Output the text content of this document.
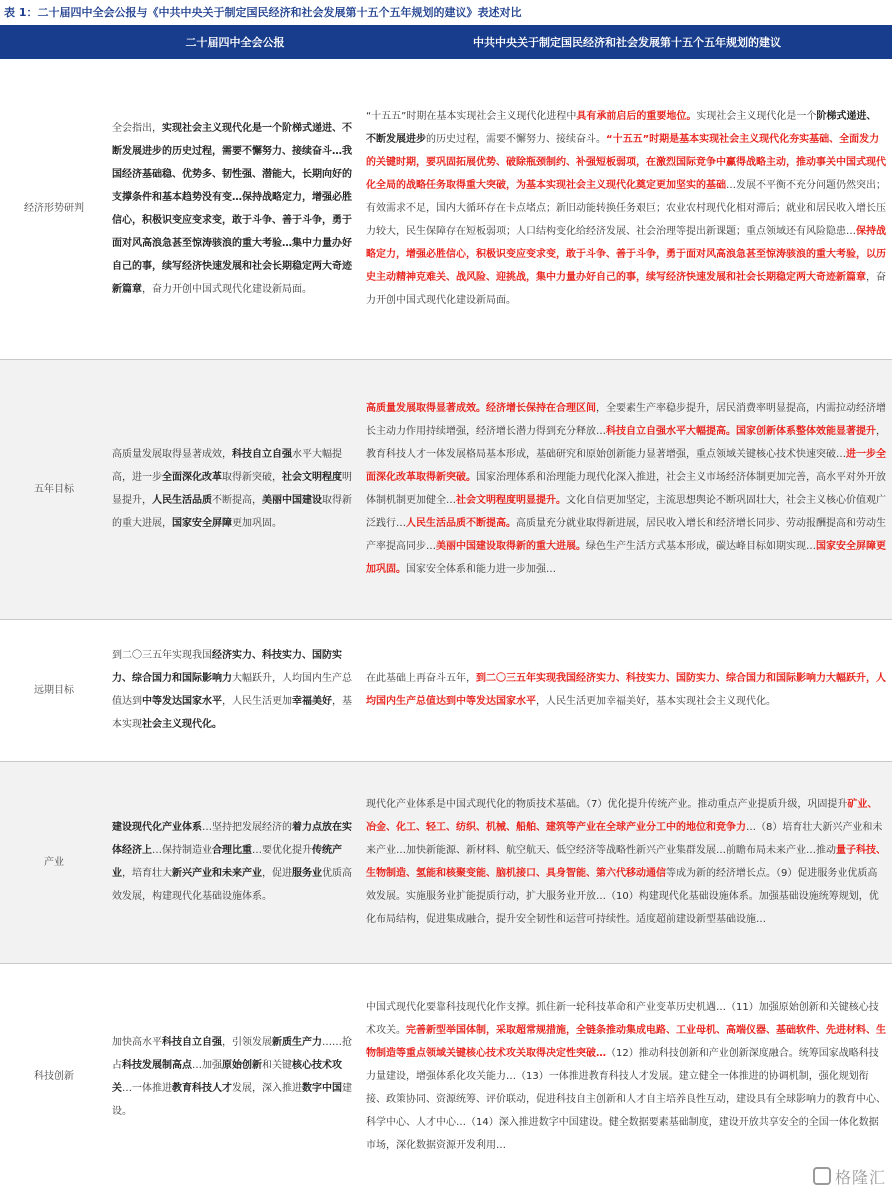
表 1：二十届四中全会公报与《中共中央关于制定国民经济和社会发展第十五个五年规划的建议》表述对比
	二十届四中全会公报	中共中央关于制定国民经济和社会发展第十五个五年规划的建议
经济形势研判	全会指出，实现社会主义现代化是一个阶梯式递进、不断发展进步的历史过程，需要不懈努力、接续奋斗…我国经济基础稳、优势多、韧性强、潜能大，长期向好的支撑条件和基本趋势没有变…保持战略定力，增强必胜信心，积极识变应变求变，敢于斗争、善于斗争，勇于面对风高浪急甚至惊涛骇浪的重大考验…集中力量办好自己的事，续写经济快速发展和社会长期稳定两大奇迹新篇章，奋力开创中国式现代化建设新局面。	“十五五”时期在基本实现社会主义现代化进程中具有承前启后的重要地位。实现社会主义现代化是一个阶梯式递进、不断发展进步的历史过程，需要不懈努力、接续奋斗。“十五五”时期是基本实现社会主义现代化夯实基础、全面发力的关键时期，要巩固拓展优势、破除瓶颈制约、补强短板弱项，在激烈国际竞争中赢得战略主动，推动事关中国式现代化全局的战略任务取得重大突破，为基本实现社会主义现代化奠定更加坚实的基础…发展不平衡不充分问题仍然突出；有效需求不足，国内大循环存在卡点堵点；新旧动能转换任务艰巨；农业农村现代化相对滞后；就业和居民收入增长压力较大，民生保障存在短板弱项；人口结构变化给经济发展、社会治理等提出新课题；重点领域还有风险隐患…保持战略定力，增强必胜信心，积极识变应变求变，敢于斗争、善于斗争，勇于面对风高浪急甚至惊涛骇浪的重大考验，以历史主动精神克难关、战风险、迎挑战，集中力量办好自己的事，续写经济快速发展和社会长期稳定两大奇迹新篇章，奋力开创中国式现代化建设新局面。
五年目标	高质量发展取得显著成效，科技自立自强水平大幅提高，进一步全面深化改革取得新突破，社会文明程度明显提升，人民生活品质不断提高，美丽中国建设取得新的重大进展，国家安全屏障更加巩固。	高质量发展取得显著成效。经济增长保持在合理区间，全要素生产率稳步提升，居民消费率明显提高，内需拉动经济增长主动力作用持续增强，经济增长潜力得到充分释放…科技自立自强水平大幅提高。国家创新体系整体效能显著提升，教育科技人才一体发展格局基本形成，基础研究和原始创新能力显著增强，重点领域关键核心技术快速突破…进一步全面深化改革取得新突破。国家治理体系和治理能力现代化深入推进，社会主义市场经济体制更加完善，高水平对外开放体制机制更加健全…社会文明程度明显提升。文化自信更加坚定，主流思想舆论不断巩固壮大，社会主义核心价值观广泛践行…人民生活品质不断提高。高质量充分就业取得新进展，居民收入增长和经济增长同步、劳动报酬提高和劳动生产率提高同步…美丽中国建设取得新的重大进展。绿色生产生活方式基本形成，碳达峰目标如期实现…国家安全屏障更加巩固。国家安全体系和能力进一步加强…
远期目标	到二〇三五年实现我国经济实力、科技实力、国防实力、综合国力和国际影响力大幅跃升，人均国内生产总值达到中等发达国家水平，人民生活更加幸福美好，基本实现社会主义现代化。	在此基础上再奋斗五年，到二〇三五年实现我国经济实力、科技实力、国防实力、综合国力和国际影响力大幅跃升，人均国内生产总值达到中等发达国家水平，人民生活更加幸福美好，基本实现社会主义现代化。
产业	建设现代化产业体系…坚持把发展经济的着力点放在实体经济上…保持制造业合理比重…要优化提升传统产业，培育壮大新兴产业和未来产业，促进服务业优质高效发展，构建现代化基础设施体系。	现代化产业体系是中国式现代化的物质技术基础。（7）优化提升传统产业。推动重点产业提质升级，巩固提升矿业、冶金、化工、轻工、纺织、机械、船舶、建筑等产业在全球产业分工中的地位和竞争力…（8）培育壮大新兴产业和未来产业…加快新能源、新材料、航空航天、低空经济等战略性新兴产业集群发展…前瞻布局未来产业…推动量子科技、生物制造、氢能和核聚变能、脑机接口、具身智能、第六代移动通信等成为新的经济增长点。（9）促进服务业优质高效发展。实施服务业扩能提质行动，扩大服务业开放…（10）构建现代化基础设施体系。加强基础设施统筹规划，优化布局结构，促进集成融合，提升安全韧性和运营可持续性。适度超前建设新型基础设施…
科技创新	加快高水平科技自立自强，引领发展新质生产力……抢占科技发展制高点…加强原始创新和关键核心技术攻关…一体推进教育科技人才发展，深入推进数字中国建设。	中国式现代化要靠科技现代化作支撑。抓住新一轮科技革命和产业变革历史机遇…（11）加强原始创新和关键核心技术攻关。完善新型举国体制，采取超常规措施，全链条推动集成电路、工业母机、高端仪器、基础软件、先进材料、生物制造等重点领域关键核心技术攻关取得决定性突破…（12）推动科技创新和产业创新深度融合。统筹国家战略科技力量建设，增强体系化攻关能力…（13）一体推进教育科技人才发展。建立健全一体推进的协调机制，强化规划衔接、政策协同、资源统筹、评价联动，促进科技自主创新和人才自主培养良性互动，建设具有全球影响力的教育中心、科学中心、人才中心…（14）深入推进数字中国建设。健全数据要素基础制度，建设开放共享安全的全国一体化数据市场，深化数据资源开发利用…
格隆汇
